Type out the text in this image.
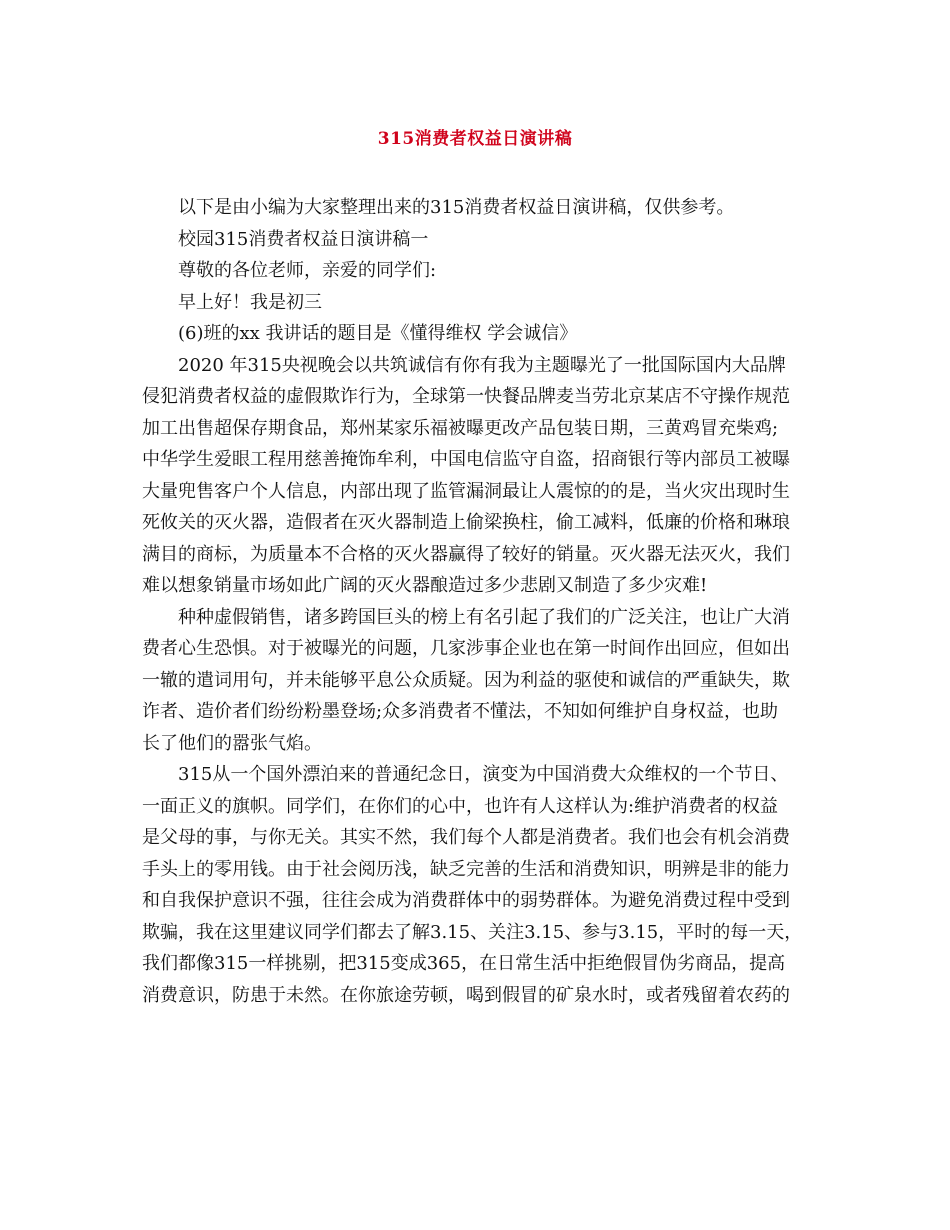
315消费者权益日演讲稿
以下是由小编为大家整理出来的315消费者权益日演讲稿，仅供参考。
校园315消费者权益日演讲稿一
尊敬的各位老师，亲爱的同学们:
早上好！我是初三
(6)班的xx 我讲话的题目是《懂得维权 学会诚信》
2020 年315央视晚会以共筑诚信有你有我为主题曝光了一批国际国内大品牌
侵犯消费者权益的虚假欺诈行为，全球第一快餐品牌麦当劳北京某店不守操作规范
加工出售超保存期食品，郑州某家乐福被曝更改产品包装日期，三黄鸡冒充柴鸡;
中华学生爱眼工程用慈善掩饰牟利，中国电信监守自盗，招商银行等内部员工被曝
大量兜售客户个人信息，内部出现了监管漏洞最让人震惊的的是，当火灾出现时生
死攸关的灭火器，造假者在灭火器制造上偷梁换柱，偷工减料，低廉的价格和琳琅
满目的商标，为质量本不合格的灭火器赢得了较好的销量。灭火器无法灭火，我们
难以想象销量市场如此广阔的灭火器酿造过多少悲剧又制造了多少灾难!
种种虚假销售，诸多跨国巨头的榜上有名引起了我们的广泛关注，也让广大消
费者心生恐惧。对于被曝光的问题，几家涉事企业也在第一时间作出回应，但如出
一辙的遣词用句，并未能够平息公众质疑。因为利益的驱使和诚信的严重缺失，欺
诈者、造价者们纷纷粉墨登场;众多消费者不懂法，不知如何维护自身权益，也助
长了他们的嚣张气焰。
315从一个国外漂泊来的普通纪念日，演变为中国消费大众维权的一个节日、
一面正义的旗帜。同学们，在你们的心中，也许有人这样认为:维护消费者的权益
是父母的事，与你无关。其实不然，我们每个人都是消费者。我们也会有机会消费
手头上的零用钱。由于社会阅历浅，缺乏完善的生活和消费知识，明辨是非的能力
和自我保护意识不强，往往会成为消费群体中的弱势群体。为避免消费过程中受到
欺骗，我在这里建议同学们都去了解3.15、关注3.15、参与3.15，平时的每一天，
我们都像315一样挑剔，把315变成365，在日常生活中拒绝假冒伪劣商品，提高
消费意识，防患于未然。在你旅途劳顿，喝到假冒的矿泉水时，或者残留着农药的
